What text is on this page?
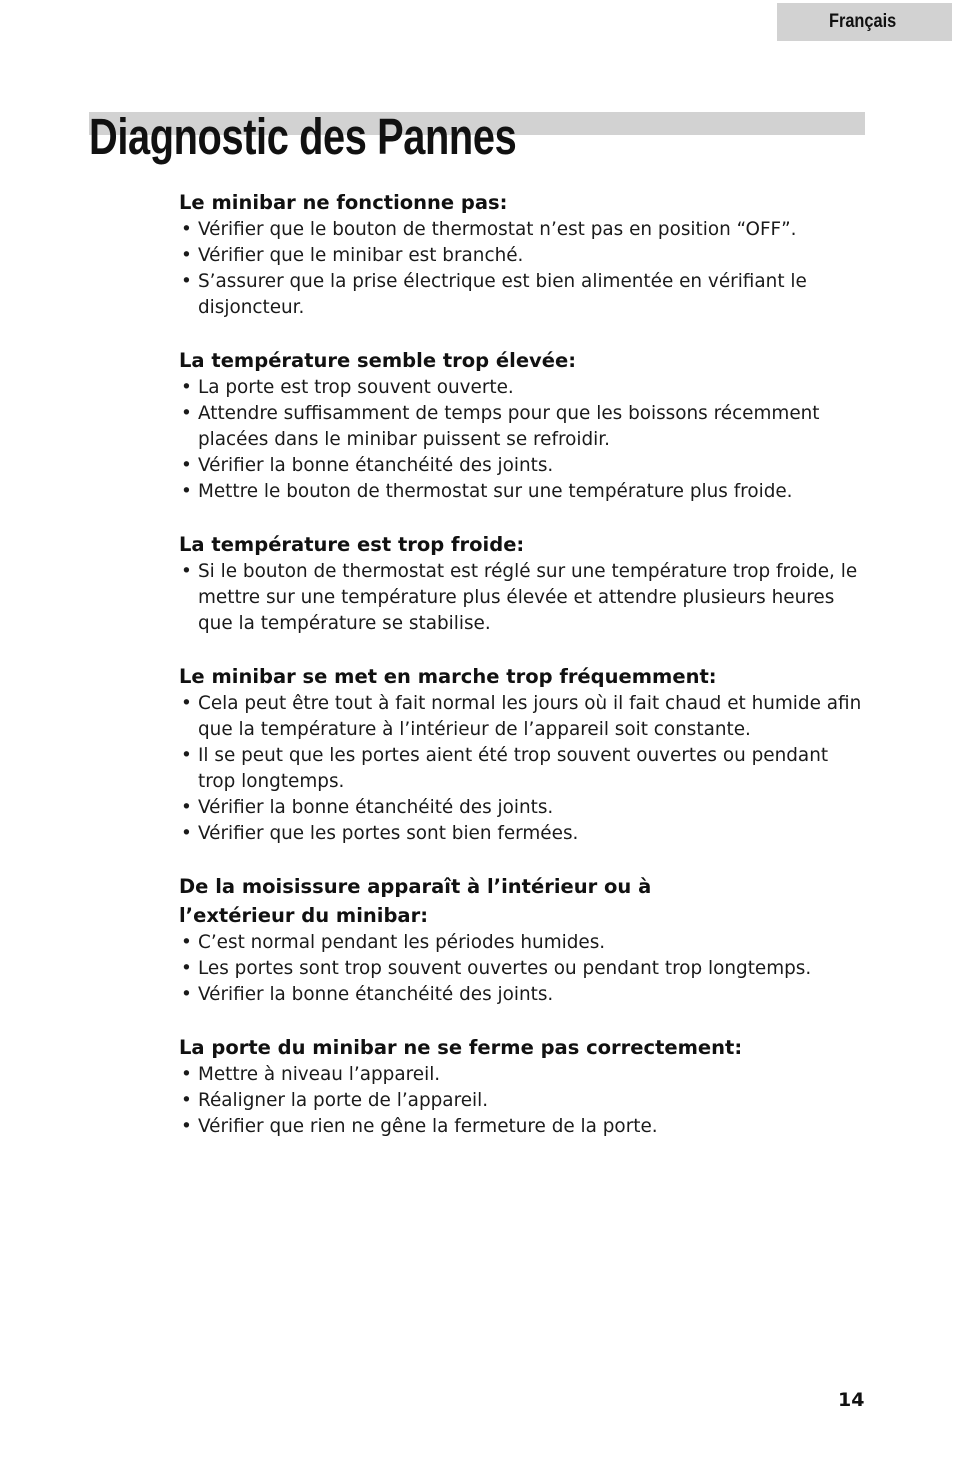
Français
Diagnostic des Pannes
Le minibar ne fonctionne pas:
• Vérifier que le bouton de thermostat n’est pas en position “OFF”.
• Vérifier que le minibar est branché.
• S’assurer que la prise électrique est bien alimentée en vérifiant le disjoncteur.
La température semble trop élevée:
• La porte est trop souvent ouverte.
• Attendre suffisamment de temps pour que les boissons récemment placées dans le minibar puissent se refroidir.
• Vérifier la bonne étanchéité des joints.
• Mettre le bouton de thermostat sur une température plus froide.
La température est trop froide:
• Si le bouton de thermostat est réglé sur une température trop froide, le mettre sur une température plus élevée et attendre plusieurs heures que la température se stabilise.
Le minibar se met en marche trop fréquemment:
• Cela peut être tout à fait normal les jours où il fait chaud et humide afin que la température à l’intérieur de l’appareil soit constante.
• Il se peut que les portes aient été trop souvent ouvertes ou pendant trop longtemps.
• Vérifier la bonne étanchéité des joints.
• Vérifier que les portes sont bien fermées.
De la moisissure apparaît à l’intérieur ou à l’extérieur du minibar:
• C’est normal pendant les périodes humides.
• Les portes sont trop souvent ouvertes ou pendant trop longtemps.
• Vérifier la bonne étanchéité des joints.
La porte du minibar ne se ferme pas correctement:
• Mettre à niveau l’appareil.
• Réaligner la porte de l’appareil.
• Vérifier que rien ne gêne la fermeture de la porte.
14
